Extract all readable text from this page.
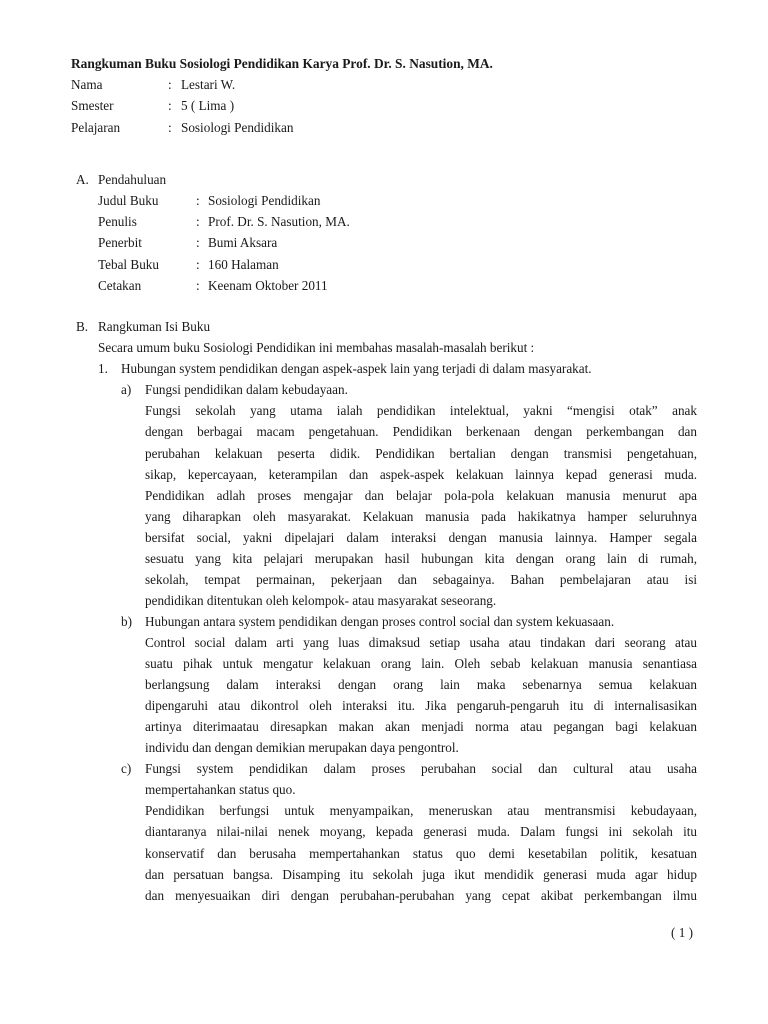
Rangkuman Buku Sosiologi Pendidikan Karya Prof. Dr. S. Nasution, MA.
Nama	: Lestari W.
Smester	: 5 ( Lima )
Pelajaran	: Sosiologi Pendidikan
A. Pendahuluan
Judul Buku	: Sosiologi Pendidikan
Penulis	: Prof. Dr. S. Nasution, MA.
Penerbit	: Bumi Aksara
Tebal Buku	: 160 Halaman
Cetakan	: Keenam Oktober 2011
B. Rangkuman Isi Buku
Secara umum buku Sosiologi Pendidikan ini membahas masalah-masalah berikut :
1. Hubungan system pendidikan dengan aspek-aspek lain yang terjadi di dalam masyarakat.
a) Fungsi pendidikan dalam kebudayaan.
Fungsi sekolah yang utama ialah pendidikan intelektual, yakni “mengisi otak” anak
dengan berbagai macam pengetahuan. Pendidikan berkenaan dengan perkembangan dan
perubahan kelakuan peserta didik. Pendidikan bertalian dengan transmisi pengetahuan,
sikap, kepercayaan, keterampilan dan aspek-aspek kelakuan lainnya kepad generasi muda.
Pendidikan adlah proses mengajar dan belajar pola-pola kelakuan manusia menurut apa
yang diharapkan oleh masyarakat. Kelakuan manusia pada hakikatnya hamper seluruhnya
bersifat social, yakni dipelajari dalam interaksi dengan manusia lainnya. Hamper segala
sesuatu yang kita pelajari merupakan hasil hubungan kita dengan orang lain di rumah,
sekolah, tempat permainan, pekerjaan dan sebagainya. Bahan pembelajaran atau isi
pendidikan ditentukan oleh kelompok- atau masyarakat seseorang.
b) Hubungan antara system pendidikan dengan proses control social dan system kekuasaan.
Control social dalam arti yang luas dimaksud setiap usaha atau tindakan dari seorang atau
suatu pihak untuk mengatur kelakuan orang lain. Oleh sebab kelakuan manusia senantiasa
berlangsung dalam interaksi dengan orang lain maka sebenarnya semua kelakuan
dipengaruhi atau dikontrol oleh interaksi itu. Jika pengaruh-pengaruh itu di internalisasikan
artinya diterimaatau diresapkan makan akan menjadi norma atau pegangan bagi kelakuan
individu dan dengan demikian merupakan daya pengontrol.
c) Fungsi system pendidikan dalam proses perubahan social dan cultural atau usaha
mempertahankan status quo.
Pendidikan berfungsi untuk menyampaikan, meneruskan atau mentransmisi kebudayaan,
diantaranya nilai-nilai nenek moyang, kepada generasi muda. Dalam fungsi ini sekolah itu
konservatif dan berusaha mempertahankan status quo demi kesetabilan politik, kesatuan
dan persatuan bangsa. Disamping itu sekolah juga ikut mendidik generasi muda agar hidup
dan menyesuaikan diri dengan perubahan-perubahan yang cepat akibat perkembangan ilmu
( 1 )
